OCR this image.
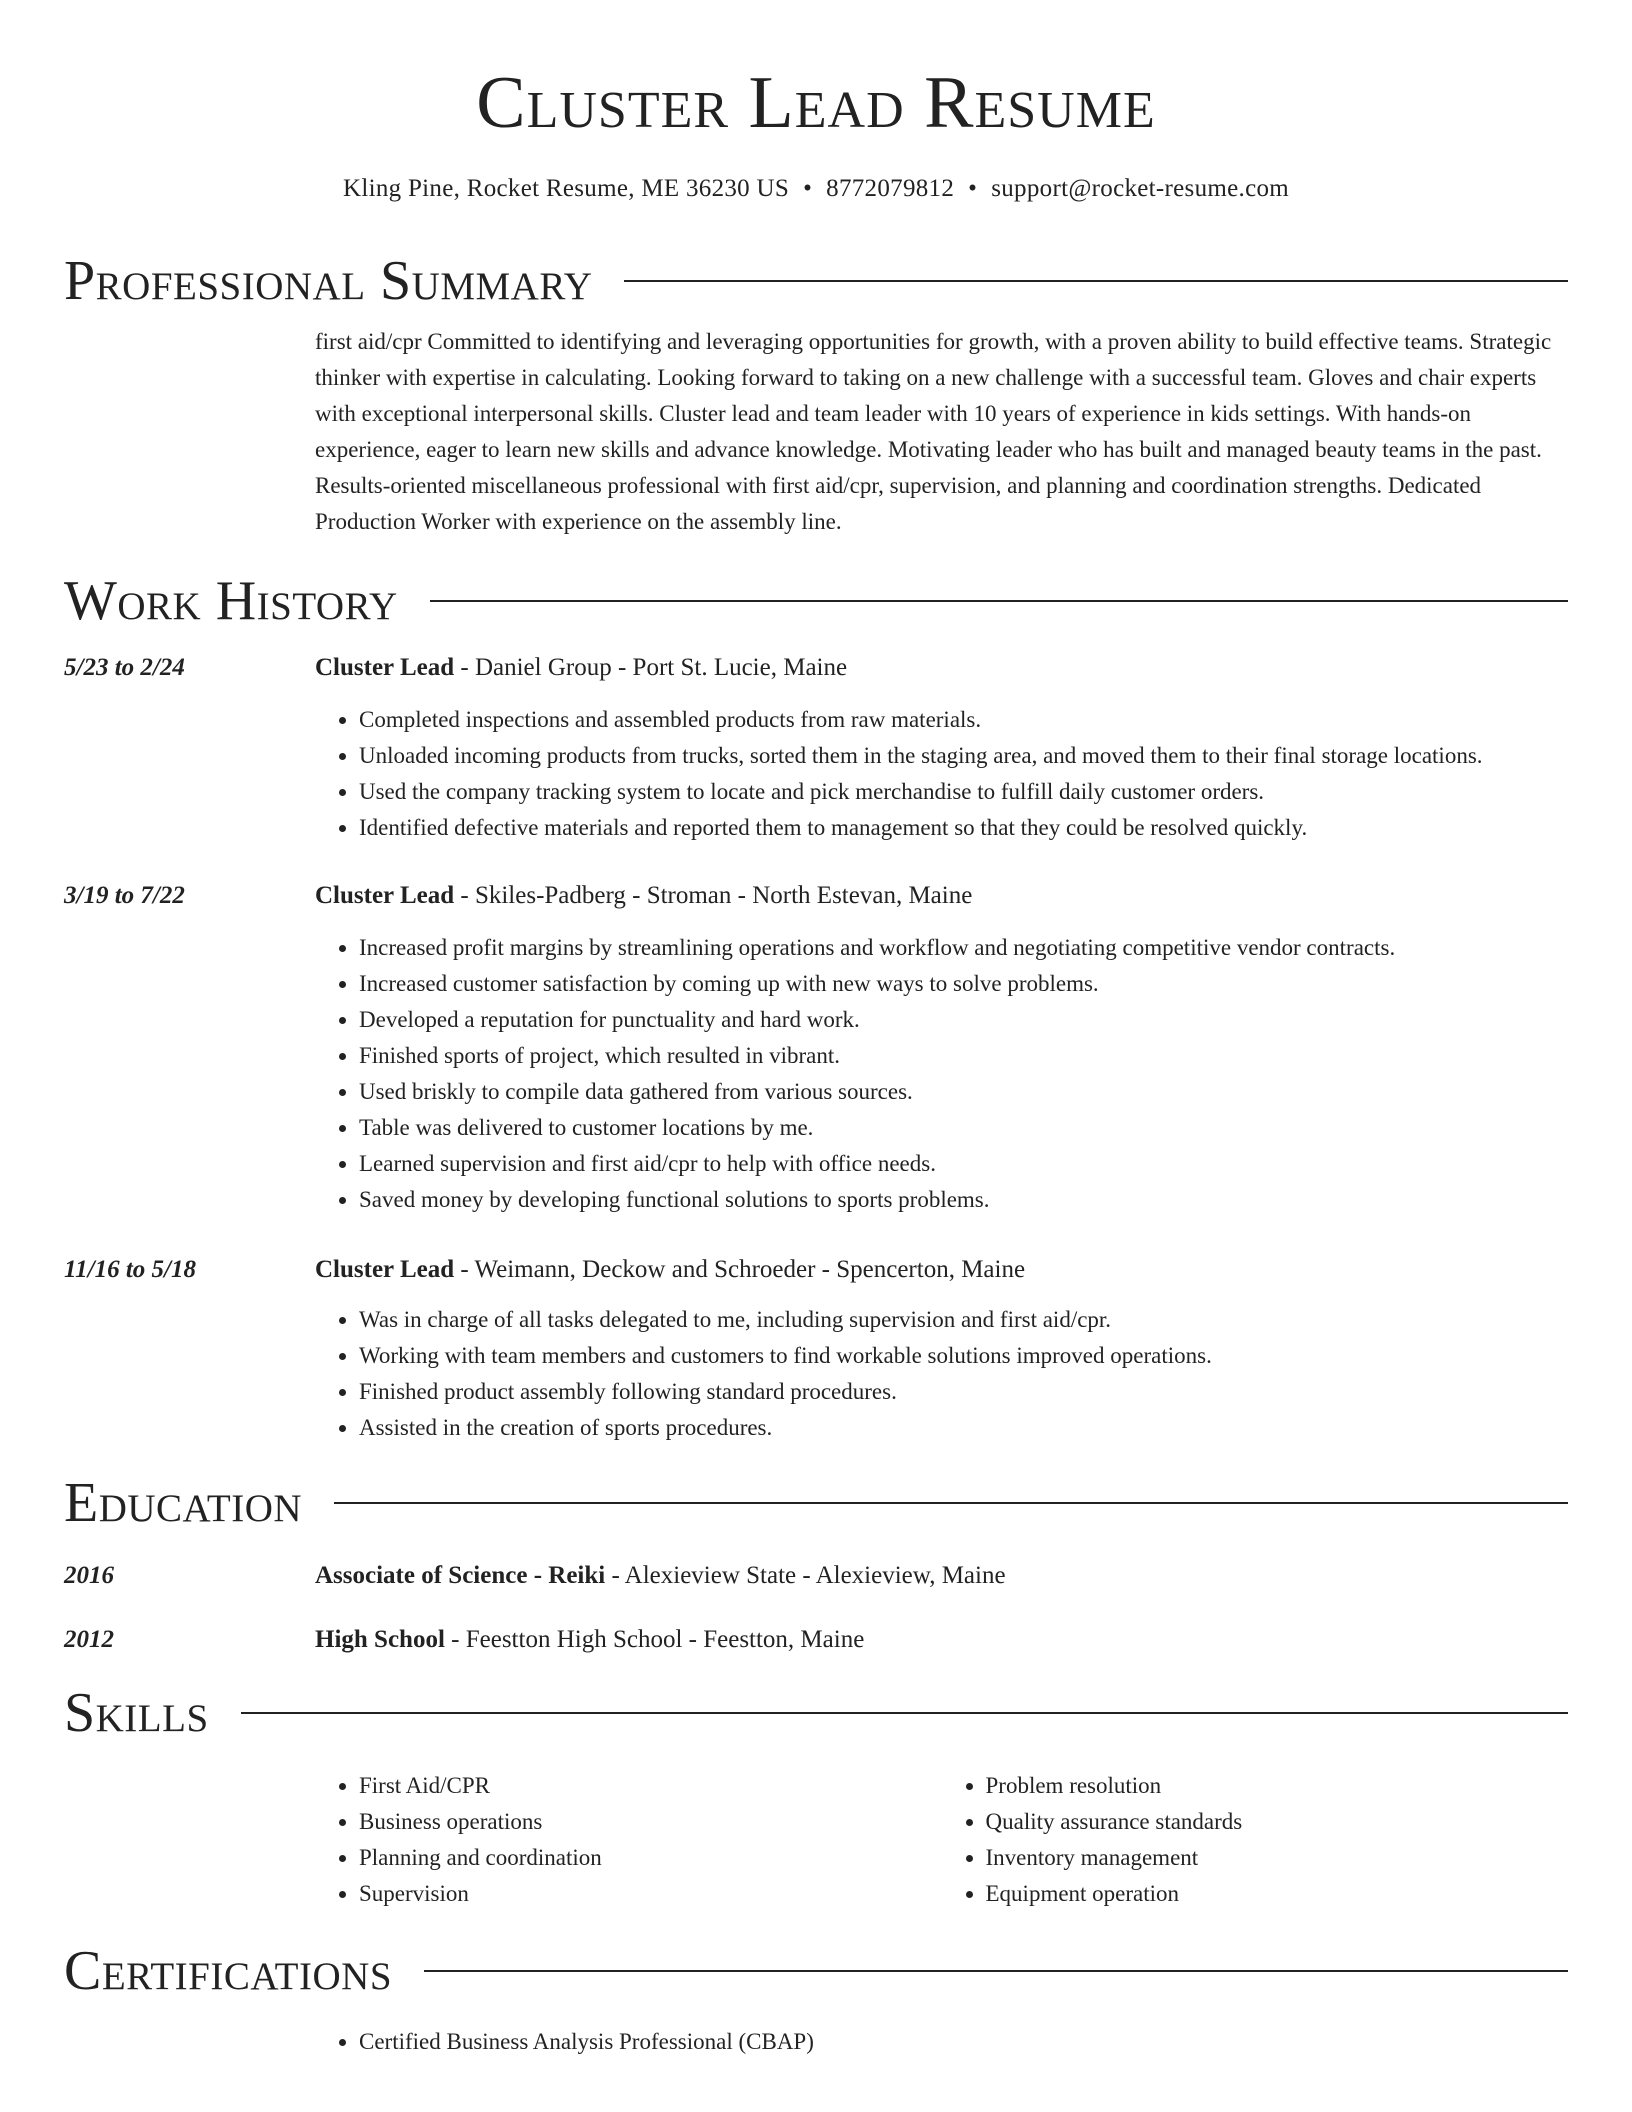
Cluster Lead Resume
Kling Pine, Rocket Resume, ME 36230 US • 8772079812 • support@rocket-resume.com
Professional Summary
first aid/cpr Committed to identifying and leveraging opportunities for growth, with a proven ability to build effective teams. Strategic thinker with expertise in calculating. Looking forward to taking on a new challenge with a successful team. Gloves and chair experts with exceptional interpersonal skills. Cluster lead and team leader with 10 years of experience in kids settings. With hands-on experience, eager to learn new skills and advance knowledge. Motivating leader who has built and managed beauty teams in the past. Results-oriented miscellaneous professional with first aid/cpr, supervision, and planning and coordination strengths. Dedicated Production Worker with experience on the assembly line.
Work History
5/23 to 2/24	Cluster Lead - Daniel Group - Port St. Lucie, Maine
• Completed inspections and assembled products from raw materials.
• Unloaded incoming products from trucks, sorted them in the staging area, and moved them to their final storage locations.
• Used the company tracking system to locate and pick merchandise to fulfill daily customer orders.
• Identified defective materials and reported them to management so that they could be resolved quickly.
3/19 to 7/22	Cluster Lead - Skiles-Padberg - Stroman - North Estevan, Maine
• Increased profit margins by streamlining operations and workflow and negotiating competitive vendor contracts.
• Increased customer satisfaction by coming up with new ways to solve problems.
• Developed a reputation for punctuality and hard work.
• Finished sports of project, which resulted in vibrant.
• Used briskly to compile data gathered from various sources.
• Table was delivered to customer locations by me.
• Learned supervision and first aid/cpr to help with office needs.
• Saved money by developing functional solutions to sports problems.
11/16 to 5/18	Cluster Lead - Weimann, Deckow and Schroeder - Spencerton, Maine
• Was in charge of all tasks delegated to me, including supervision and first aid/cpr.
• Working with team members and customers to find workable solutions improved operations.
• Finished product assembly following standard procedures.
• Assisted in the creation of sports procedures.
Education
2016	Associate of Science - Reiki - Alexieview State - Alexieview, Maine
2012	High School - Feestton High School - Feestton, Maine
Skills
• First Aid/CPR
• Business operations
• Planning and coordination
• Supervision
• Problem resolution
• Quality assurance standards
• Inventory management
• Equipment operation
Certifications
• Certified Business Analysis Professional (CBAP)
